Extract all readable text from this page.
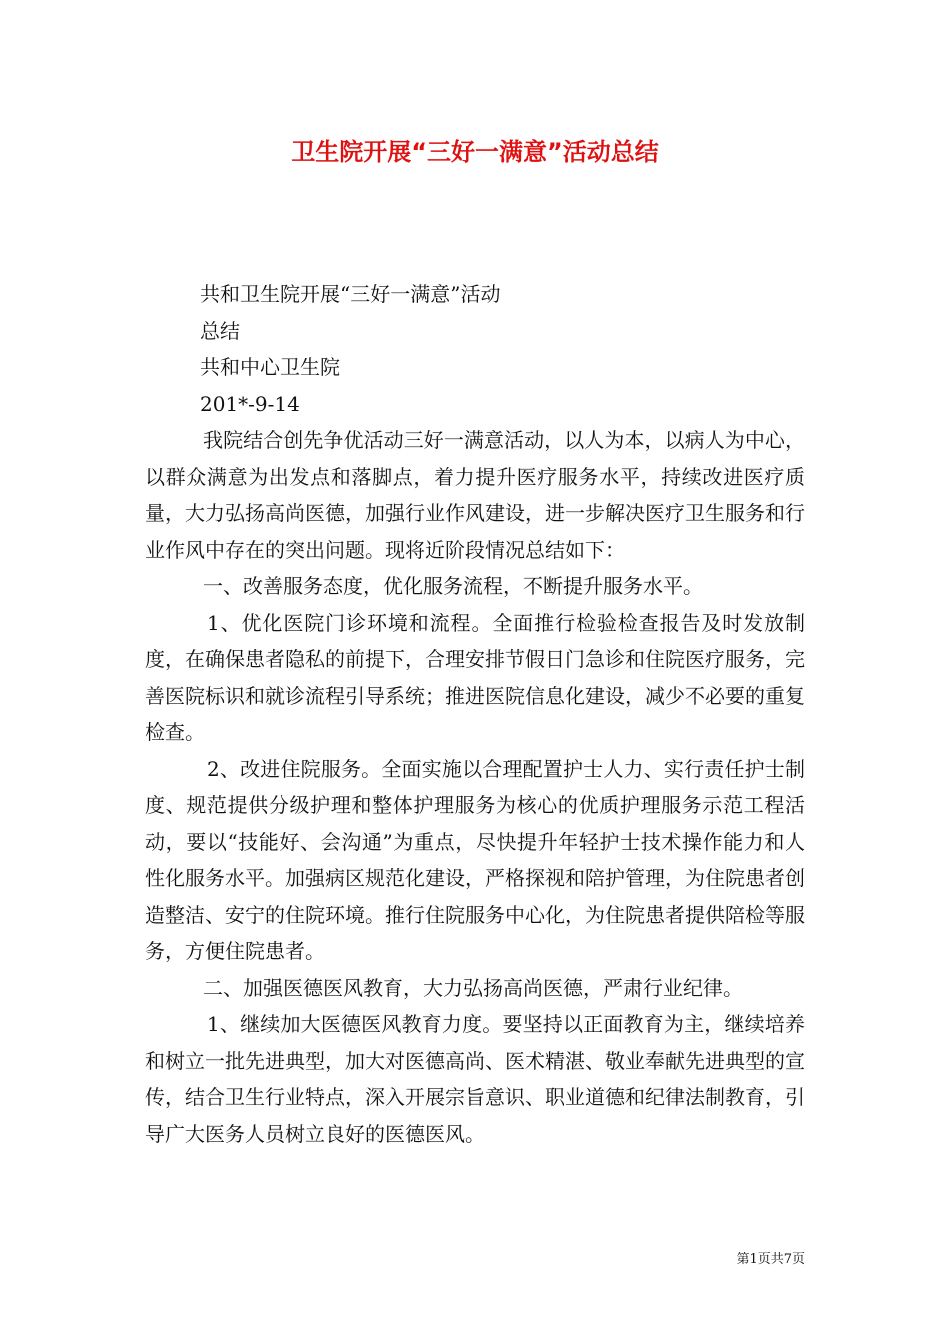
卫生院开展“三好一满意”活动总结

共和卫生院开展“三好一满意”活动

总结

共和中心卫生院

201*-9-14

我院结合创先争优活动三好一满意活动，以人为本，以病人为中心，以群众满意为出发点和落脚点，着力提升医疗服务水平，持续改进医疗质量，大力弘扬高尚医德，加强行业作风建设，进一步解决医疗卫生服务和行业作风中存在的突出问题。现将近阶段情况总结如下：

一、改善服务态度，优化服务流程，不断提升服务水平。

1、优化医院门诊环境和流程。全面推行检验检查报告及时发放制度，在确保患者隐私的前提下，合理安排节假日门急诊和住院医疗服务，完善医院标识和就诊流程引导系统；推进医院信息化建设，减少不必要的重复检查。

2、改进住院服务。全面实施以合理配置护士人力、实行责任护士制度、规范提供分级护理和整体护理服务为核心的优质护理服务示范工程活动，要以“技能好、会沟通”为重点，尽快提升年轻护士技术操作能力和人性化服务水平。加强病区规范化建设，严格探视和陪护管理，为住院患者创造整洁、安宁的住院环境。推行住院服务中心化，为住院患者提供陪检等服务，方便住院患者。

二、加强医德医风教育，大力弘扬高尚医德，严肃行业纪律。

1、继续加大医德医风教育力度。要坚持以正面教育为主，继续培养和树立一批先进典型，加大对医德高尚、医术精湛、敬业奉献先进典型的宣传，结合卫生行业特点，深入开展宗旨意识、职业道德和纪律法制教育，引导广大医务人员树立良好的医德医风。

第1页共7页
